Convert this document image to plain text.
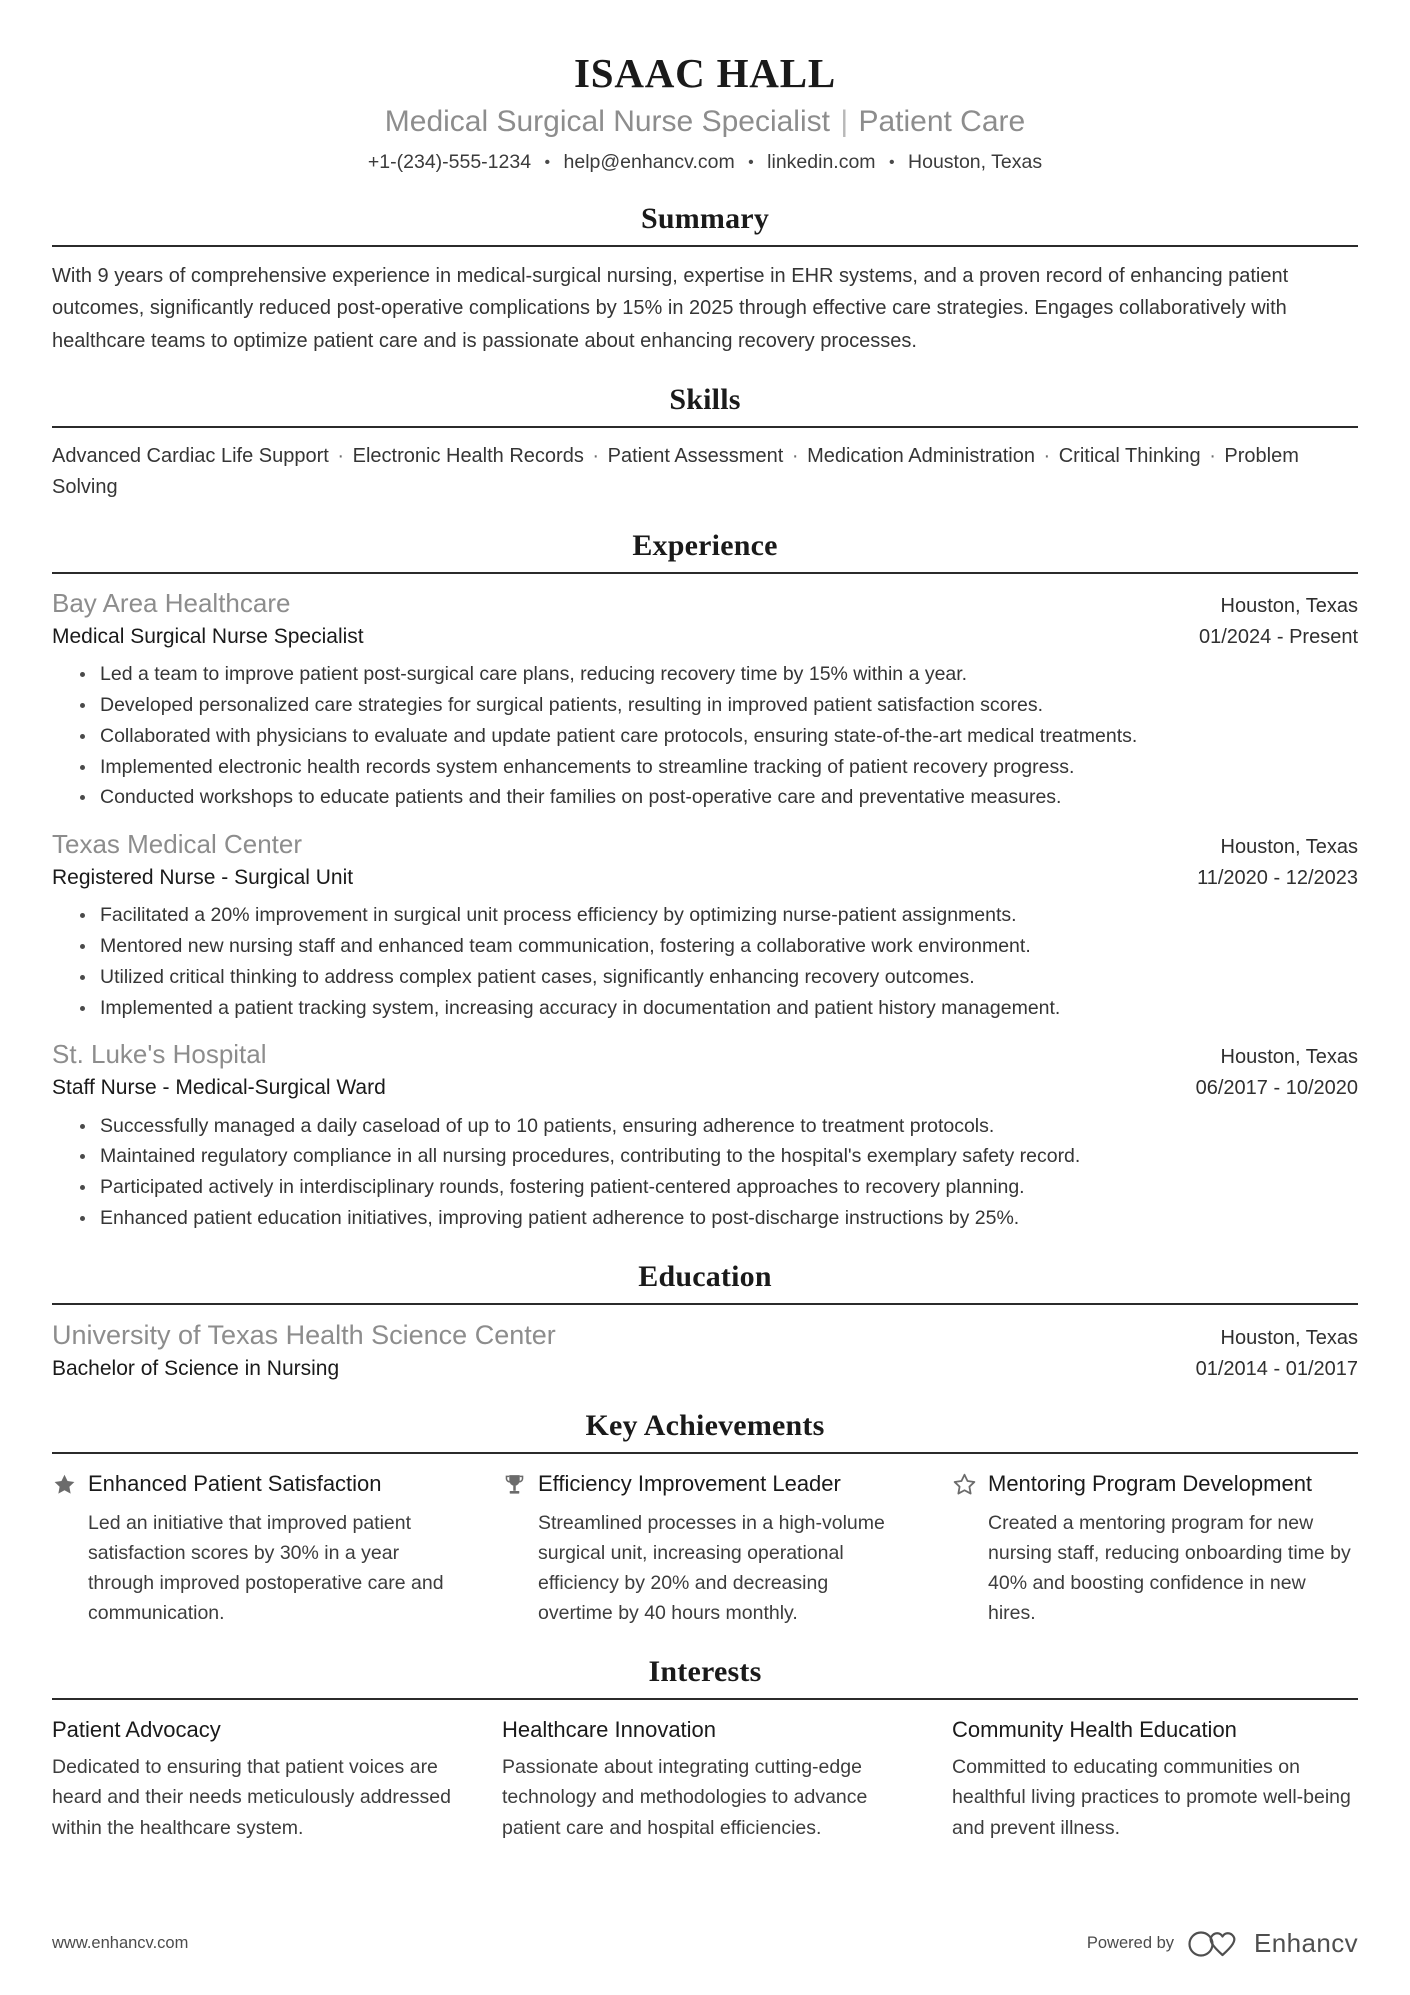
ISAAC HALL
Medical Surgical Nurse Specialist | Patient Care
+1-(234)-555-1234 • help@enhancv.com • linkedin.com • Houston, Texas
Summary
With 9 years of comprehensive experience in medical-surgical nursing, expertise in EHR systems, and a proven record of enhancing patient outcomes, significantly reduced post-operative complications by 15% in 2025 through effective care strategies. Engages collaboratively with healthcare teams to optimize patient care and is passionate about enhancing recovery processes.
Skills
Advanced Cardiac Life Support · Electronic Health Records · Patient Assessment · Medication Administration · Critical Thinking · Problem Solving
Experience
Bay Area Healthcare	Houston, Texas
Medical Surgical Nurse Specialist	01/2024 - Present
Led a team to improve patient post-surgical care plans, reducing recovery time by 15% within a year.
Developed personalized care strategies for surgical patients, resulting in improved patient satisfaction scores.
Collaborated with physicians to evaluate and update patient care protocols, ensuring state-of-the-art medical treatments.
Implemented electronic health records system enhancements to streamline tracking of patient recovery progress.
Conducted workshops to educate patients and their families on post-operative care and preventative measures.
Texas Medical Center	Houston, Texas
Registered Nurse - Surgical Unit	11/2020 - 12/2023
Facilitated a 20% improvement in surgical unit process efficiency by optimizing nurse-patient assignments.
Mentored new nursing staff and enhanced team communication, fostering a collaborative work environment.
Utilized critical thinking to address complex patient cases, significantly enhancing recovery outcomes.
Implemented a patient tracking system, increasing accuracy in documentation and patient history management.
St. Luke's Hospital	Houston, Texas
Staff Nurse - Medical-Surgical Ward	06/2017 - 10/2020
Successfully managed a daily caseload of up to 10 patients, ensuring adherence to treatment protocols.
Maintained regulatory compliance in all nursing procedures, contributing to the hospital's exemplary safety record.
Participated actively in interdisciplinary rounds, fostering patient-centered approaches to recovery planning.
Enhanced patient education initiatives, improving patient adherence to post-discharge instructions by 25%.
Education
University of Texas Health Science Center	Houston, Texas
Bachelor of Science in Nursing	01/2014 - 01/2017
Key Achievements
Enhanced Patient Satisfaction
Led an initiative that improved patient satisfaction scores by 30% in a year through improved postoperative care and communication.
Efficiency Improvement Leader
Streamlined processes in a high-volume surgical unit, increasing operational efficiency by 20% and decreasing overtime by 40 hours monthly.
Mentoring Program Development
Created a mentoring program for new nursing staff, reducing onboarding time by 40% and boosting confidence in new hires.
Interests
Patient Advocacy
Dedicated to ensuring that patient voices are heard and their needs meticulously addressed within the healthcare system.
Healthcare Innovation
Passionate about integrating cutting-edge technology and methodologies to advance patient care and hospital efficiencies.
Community Health Education
Committed to educating communities on healthful living practices to promote well-being and prevent illness.
www.enhancv.com	Powered by	Enhancv
